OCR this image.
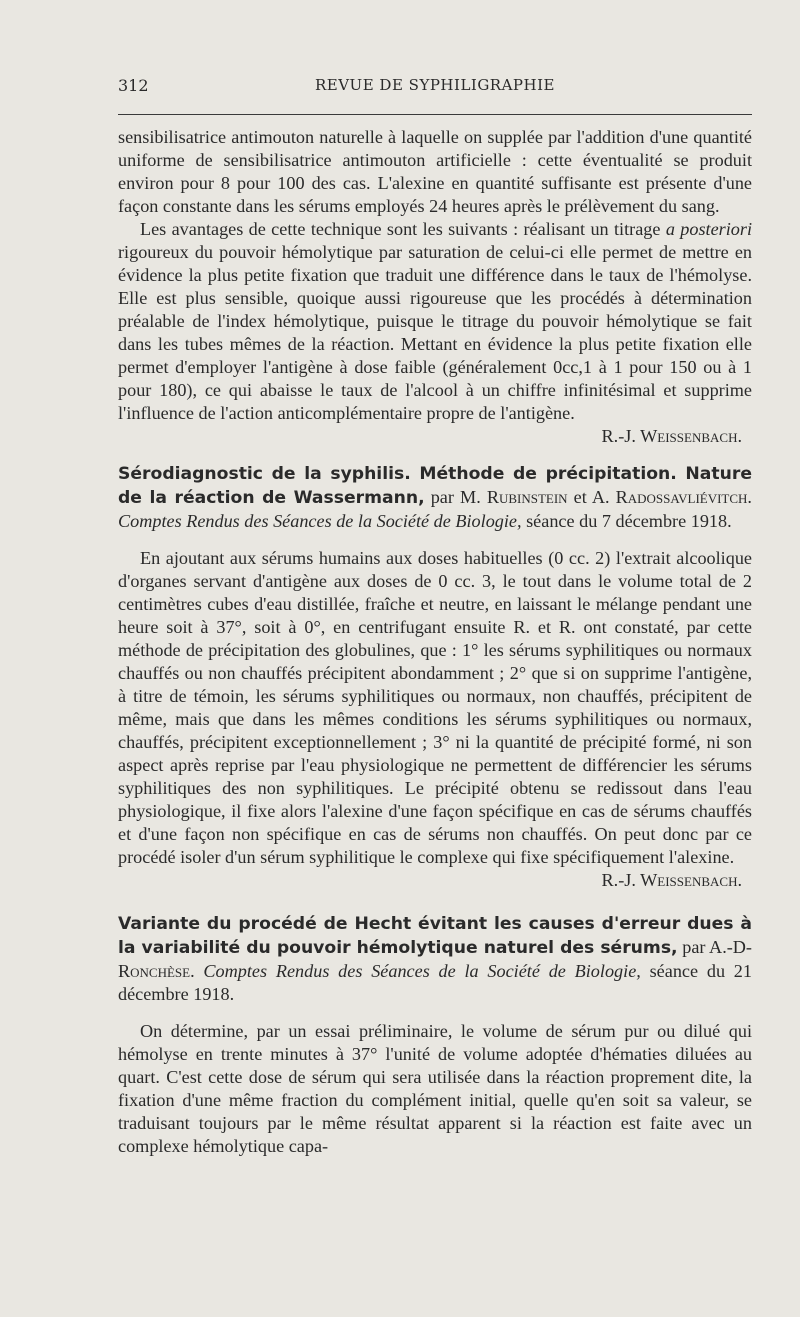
312	REVUE DE SYPHILIGRAPHIE

sensibilisatrice antimouton naturelle à laquelle on supplée par l'addition d'une quantité uniforme de sensibilisatrice antimouton artificielle : cette éventualité se produit environ pour 8 pour 100 des cas. L'alexine en quantité suffisante est présente d'une façon constante dans les sérums employés 24 heures après le prélèvement du sang.

Les avantages de cette technique sont les suivants : réalisant un titrage a posteriori rigoureux du pouvoir hémolytique par saturation de celui-ci elle permet de mettre en évidence la plus petite fixation que traduit une différence dans le taux de l'hémolyse. Elle est plus sensible, quoique aussi rigoureuse que les procédés à détermination préalable de l'index hémolytique, puisque le titrage du pouvoir hémolytique se fait dans les tubes mêmes de la réaction. Mettant en évidence la plus petite fixation elle permet d'employer l'antigène à dose faible (généralement 0cc,1 à 1 pour 150 ou à 1 pour 180), ce qui abaisse le taux de l'alcool à un chiffre infinitésimal et supprime l'influence de l'action anticomplémentaire propre de l'antigène.

R.-J. Weissenbach.

Sérodiagnostic de la syphilis. Méthode de précipitation. Nature de la réaction de Wassermann, par M. Rubinstein et A. Radossavliévitch. Comptes Rendus des Séances de la Société de Biologie, séance du 7 décembre 1918.

En ajoutant aux sérums humains aux doses habituelles (0 cc. 2) l'extrait alcoolique d'organes servant d'antigène aux doses de 0 cc. 3, le tout dans le volume total de 2 centimètres cubes d'eau distillée, fraîche et neutre, en laissant le mélange pendant une heure soit à 37°, soit à 0°, en centrifugant ensuite R. et R. ont constaté, par cette méthode de précipitation des globulines, que : 1° les sérums syphilitiques ou normaux chauffés ou non chauffés précipitent abondamment ; 2° que si on supprime l'antigène, à titre de témoin, les sérums syphilitiques ou normaux, non chauffés, précipitent de même, mais que dans les mêmes conditions les sérums syphilitiques ou normaux, chauffés, précipitent exceptionnellement ; 3° ni la quantité de précipité formé, ni son aspect après reprise par l'eau physiologique ne permettent de différencier les sérums syphilitiques des non syphilitiques. Le précipité obtenu se redissout dans l'eau physiologique, il fixe alors l'alexine d'une façon spécifique en cas de sérums chauffés et d'une façon non spécifique en cas de sérums non chauffés. On peut donc par ce procédé isoler d'un sérum syphilitique le complexe qui fixe spécifiquement l'alexine.

R.-J. Weissenbach.

Variante du procédé de Hecht évitant les causes d'erreur dues à la variabilité du pouvoir hémolytique naturel des sérums, par A.-D-Ronchèse. Comptes Rendus des Séances de la Société de Biologie, séance du 21 décembre 1918.

On détermine, par un essai préliminaire, le volume de sérum pur ou dilué qui hémolyse en trente minutes à 37° l'unité de volume adoptée d'hématies diluées au quart. C'est cette dose de sérum qui sera utilisée dans la réaction proprement dite, la fixation d'une même fraction du complément initial, quelle qu'en soit sa valeur, se traduisant toujours par le même résultat apparent si la réaction est faite avec un complexe hémolytique capa-
